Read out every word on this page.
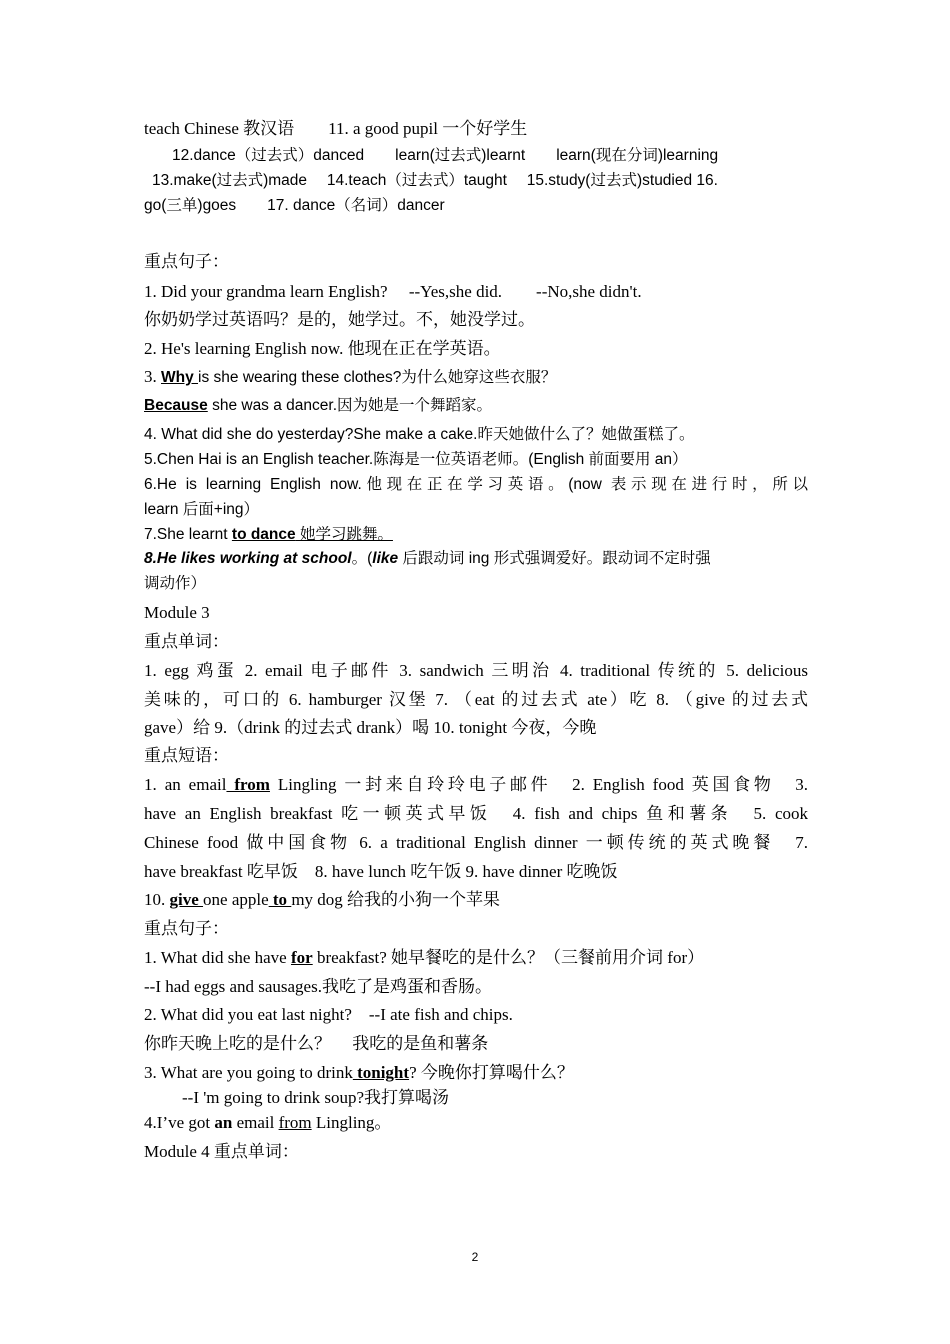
teach Chinese 教汉语　　11. a good pupil 一个好学生
12.dance（过去式）danced　　learn(过去式)learnt　　learn(现在分词)learning
13.make(过去式)made　 14.teach（过去式）taught　 15.study(过去式)studied 16.
go(三单)goes　　17. dance（名词）dancer
重点句子：
1. Did your grandma learn English?　 --Yes,she did.　　--No,she didn't.
你奶奶学过英语吗？是的，她学过。不，她没学过。
2. He's learning English now. 他现在正在学英语。
3. Why is she wearing these clothes?为什么她穿这些衣服？
Because she was a dancer.因为她是一个舞蹈家。
4. What did she do yesterday?She make a cake.昨天她做什么了？她做蛋糕了。
5.Chen Hai is an English teacher.陈海是一位英语老师。(English 前面要用 an）
6.He is learning English now.他现在正在学习英语。(now 表示现在进行时，所以
learn 后面+ing）
7.She learnt to dance 她学习跳舞。
8.He likes working at school。(like 后跟动词 ing 形式强调爱好。跟动词不定时强
调动作）
Module 3
重点单词：
1. egg 鸡蛋 2. email 电子邮件 3. sandwich 三明治 4. traditional 传统的 5. delicious
美味的，可口的 6. hamburger 汉堡 7. （eat 的过去式 ate）吃 8. （give 的过去式
gave）给 9.（drink 的过去式 drank）喝 10. tonight 今夜，今晚
重点短语：
1. an email from Lingling 一封来自玲玲电子邮件　2. English food 英国食物　3.
have an English breakfast 吃一顿英式早饭　4. fish and chips 鱼和薯条　5. cook
Chinese food 做中国食物 6. a traditional English dinner 一顿传统的英式晚餐　7.
have breakfast 吃早饭　8. have lunch 吃午饭 9. have dinner 吃晚饭
10. give one apple to my dog 给我的小狗一个苹果
重点句子：
1. What did she have for breakfast? 她早餐吃的是什么？（三餐前用介词 for）
--I had eggs and sausages.我吃了是鸡蛋和香肠。
2. What did you eat last night?　--I ate fish and chips.
你昨天晚上吃的是什么？　 我吃的是鱼和薯条
3. What are you going to drink tonight? 今晚你打算喝什么？
--I 'm going to drink soup?我打算喝汤
4.I’ve got an email from Lingling。
Module 4 重点单词：
2
